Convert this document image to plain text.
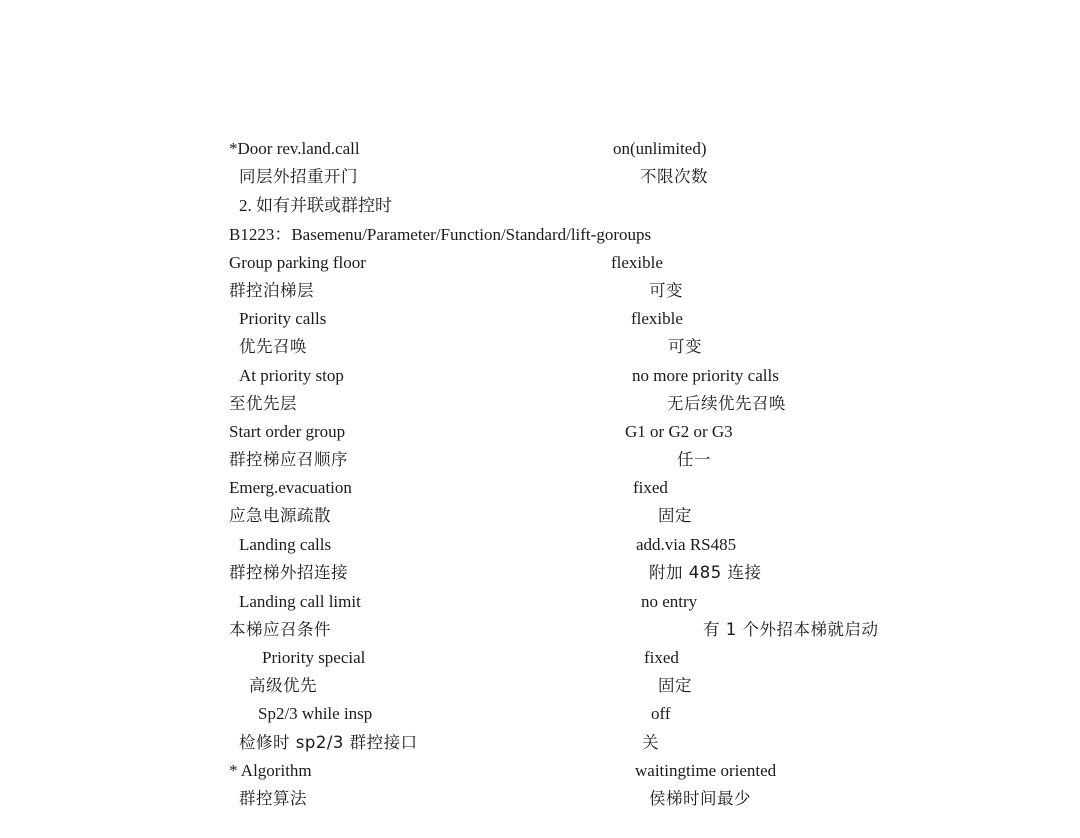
*Door rev.land.call	on(unlimited)
同层外招重开门	不限次数
2. 如有并联或群控时
B1223：Basemenu/Parameter/Function/Standard/lift-goroups
Group parking floor	flexible
群控泊梯层	可变
Priority calls	flexible
优先召唤	可变
At priority stop	no more priority calls
至优先层	无后续优先召唤
Start order group	G1 or G2 or G3
群控梯应召顺序	任一
Emerg.evacuation	fixed
应急电源疏散	固定
Landing calls	add.via RS485
群控梯外招连接	附加 485 连接
Landing call limit	no entry
本梯应召条件	有 1 个外招本梯就启动
Priority special	fixed
高级优先	固定
Sp2/3 while insp	off
检修时 sp2/3 群控接口	关
* Algorithm	waitingtime oriented
群控算法	侯梯时间最少
